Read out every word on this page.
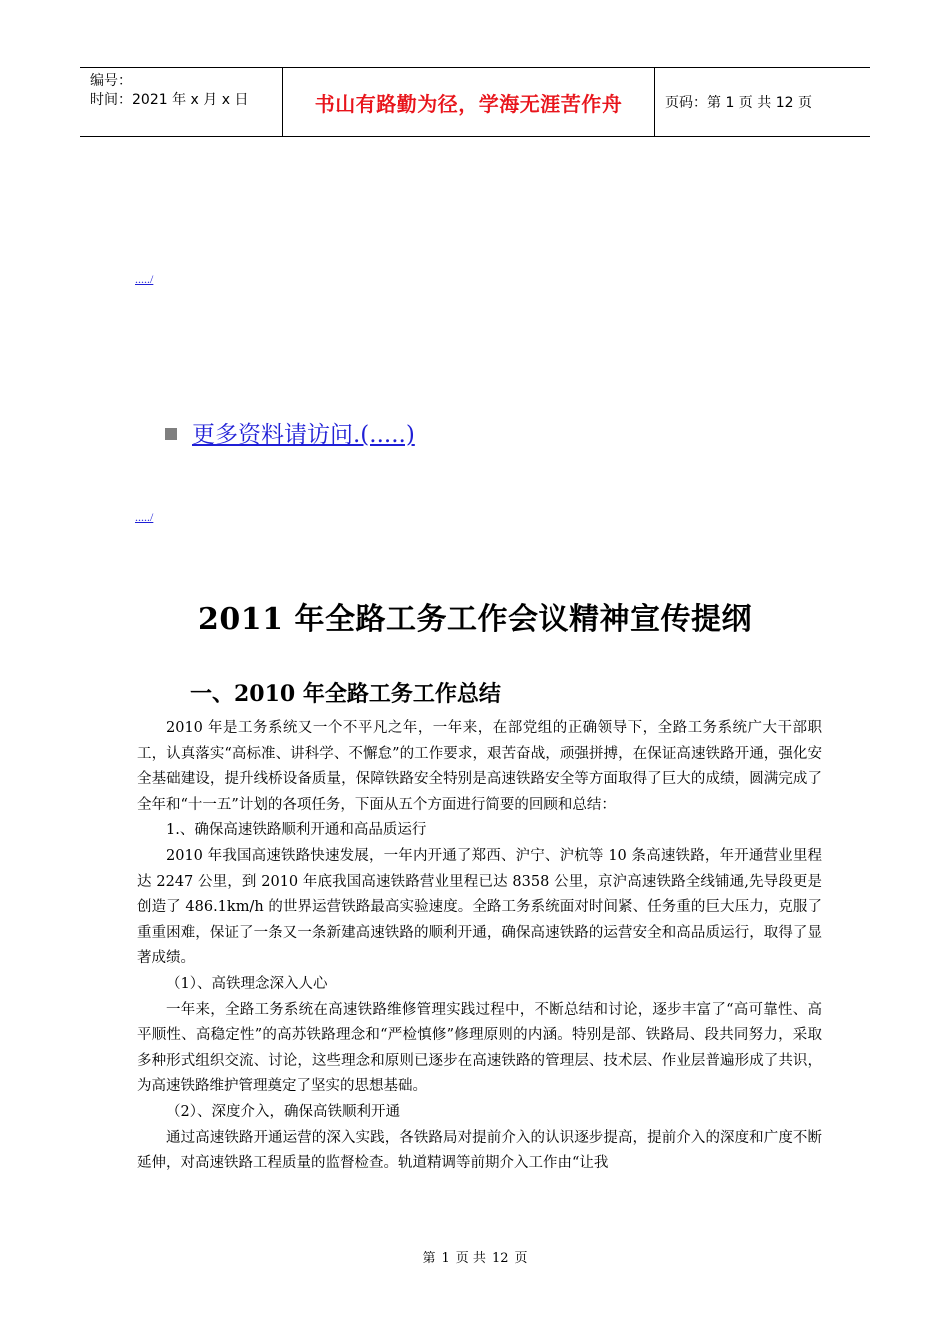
编号：
时间：2021 年 x 月 x 日	书山有路勤为径，学海无涯苦作舟	页码：第 1 页 共 12 页
...../
更多资料请访问.(.....)
...../
2011 年全路工务工作会议精神宣传提纲
一、2010 年全路工务工作总结

2010 年是工务系统又一个不平凡之年，一年来，在部党组的正确领导下，全路工务系统广大干部职工，认真落实“高标准、讲科学、不懈怠”的工作要求，艰苦奋战，顽强拼搏，在保证高速铁路开通，强化安全基础建设，提升线桥设备质量，保障铁路安全特别是高速铁路安全等方面取得了巨大的成绩，圆满完成了全年和“十一五”计划的各项任务，下面从五个方面进行简要的回顾和总结：

1.、确保高速铁路顺利开通和高品质运行

2010 年我国高速铁路快速发展，一年内开通了郑西、沪宁、沪杭等 10 条高速铁路，年开通营业里程达 2247 公里，到 2010 年底我国高速铁路营业里程已达 8358 公里，京沪高速铁路全线铺通,先导段更是创造了 486.1km/h 的世界运营铁路最高实验速度。全路工务系统面对时间紧、任务重的巨大压力，克服了重重困难，保证了一条又一条新建高速铁路的顺利开通，确保高速铁路的运营安全和高品质运行，取得了显著成绩。

（1）、高铁理念深入人心

一年来，全路工务系统在高速铁路维修管理实践过程中，不断总结和讨论，逐步丰富了“高可靠性、高平顺性、高稳定性”的高苏铁路理念和“严检慎修”修理原则的内涵。特别是部、铁路局、段共同努力，采取多种形式组织交流、讨论，这些理念和原则已逐步在高速铁路的管理层、技术层、作业层普遍形成了共识，为高速铁路维护管理奠定了坚实的思想基础。

（2）、深度介入，确保高铁顺利开通

通过高速铁路开通运营的深入实践，各铁路局对提前介入的认识逐步提高，提前介入的深度和广度不断延伸，对高速铁路工程质量的监督检查。轨道精调等前期介入工作由“让我

第 1 页 共 12 页
